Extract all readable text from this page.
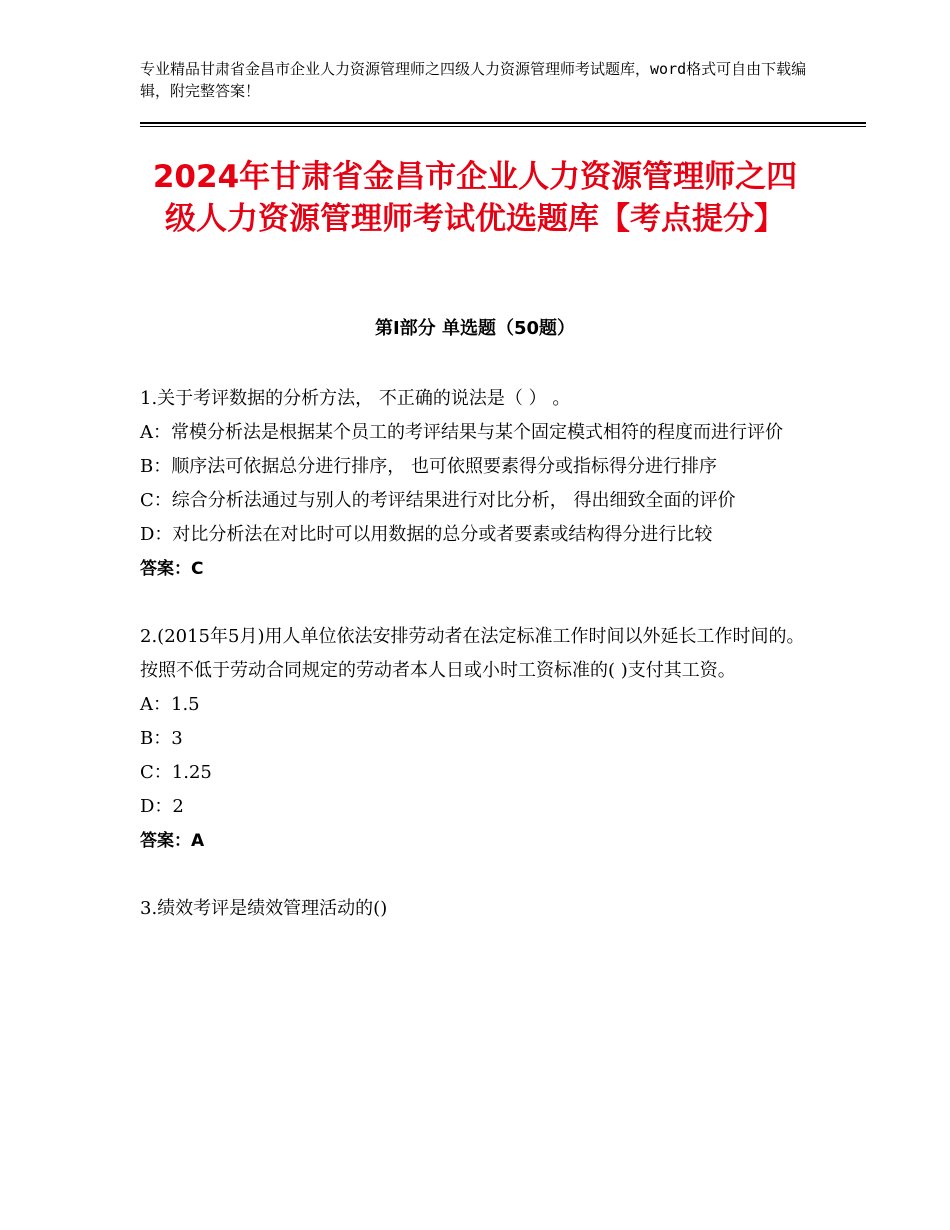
专业精品甘肃省金昌市企业人力资源管理师之四级人力资源管理师考试题库，word格式可自由下载编辑，附完整答案！
2024年甘肃省金昌市企业人力资源管理师之四级人力资源管理师考试优选题库【考点提分】
第Ⅰ部分 单选题（50题）

1.关于考评数据的分析方法， 不正确的说法是（ ） 。

A：常模分析法是根据某个员工的考评结果与某个固定模式相符的程度而进行评价

B：顺序法可依据总分进行排序， 也可依照要素得分或指标得分进行排序

C：综合分析法通过与别人的考评结果进行对比分析， 得出细致全面的评价

D：对比分析法在对比时可以用数据的总分或者要素或结构得分进行比较

答案：C

2.(2015年5月)用人单位依法安排劳动者在法定标准工作时间以外延长工作时间的。按照不低于劳动合同规定的劳动者本人日或小时工资标准的( )支付其工资。

A：1.5

B：3

C：1.25

D：2

答案：A

3.绩效考评是绩效管理活动的()
